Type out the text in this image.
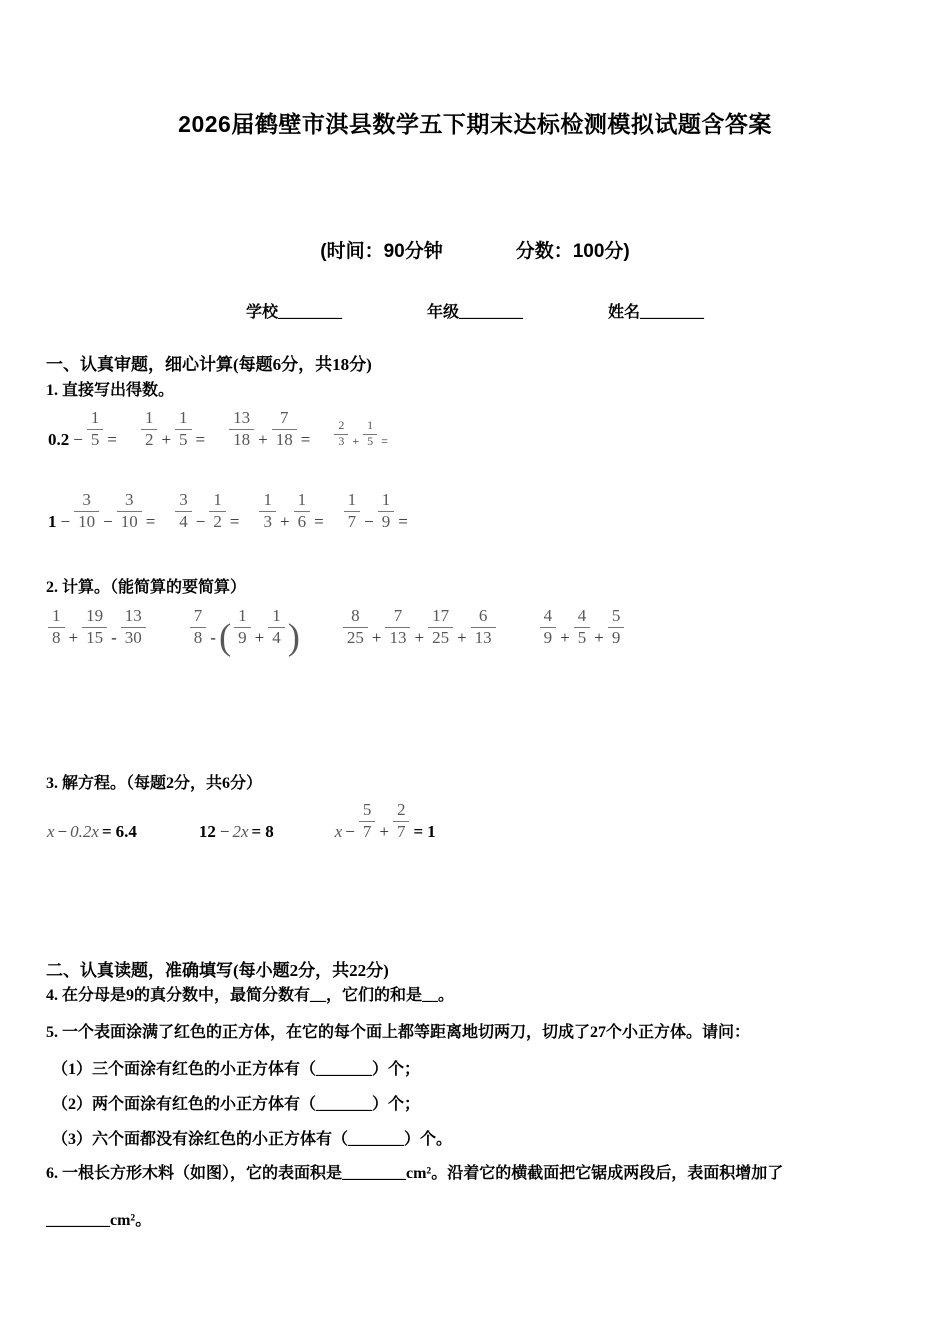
2026届鹤壁市淇县数学五下期末达标检测模拟试题含答案
(时间：90分钟	分数：100分)
学校________	年级________	姓名________
一、认真审题，细心计算(每题6分，共18分)
1. 直接写出得数。
$0.2 - \frac{1}{5} = \frac{1}{2} + \frac{1}{5} = \frac{13}{18} + \frac{7}{18} = \frac{2}{3} + \frac{1}{5}$ =
$1 - \frac{3}{10} - \frac{3}{10} = \frac{3}{4} - \frac{1}{2} = \frac{1}{3} + \frac{1}{6} = \frac{1}{7} - \frac{1}{9}$ =
2. 计算。（能简算的要简算）
$\frac{1}{8} + \frac{19}{15} - \frac{13}{30}$	$\frac{7}{8}$ -( $\frac{1}{9} + \frac{1}{4}$ )	$\frac{8}{25} + \frac{7}{13} + \frac{17}{25} + \frac{6}{13}$	$\frac{4}{9} + \frac{4}{5} + \frac{5}{9}$
3. 解方程。（每题2分，共6分）
x − 0.2x = 6.4	12 − 2x = 8	$x - \frac{5}{7} + \frac{2}{7} = 1$
二、认真读题，准确填写(每小题2分，共22分)
4. 在分母是9的真分数中，最简分数有__，它们的和是__。
5. 一个表面涂满了红色的正方体，在它的每个面上都等距离地切两刀，切成了27个小正方体。请问：
（1）三个面涂有红色的小正方体有（_______）个；
（2）两个面涂有红色的小正方体有（_______）个；
（3）六个面都没有涂红色的小正方体有（_______）个。
6. 一根长方形木料（如图），它的表面积是________cm²。沿着它的横截面把它锯成两段后，表面积增加了
________cm²。
